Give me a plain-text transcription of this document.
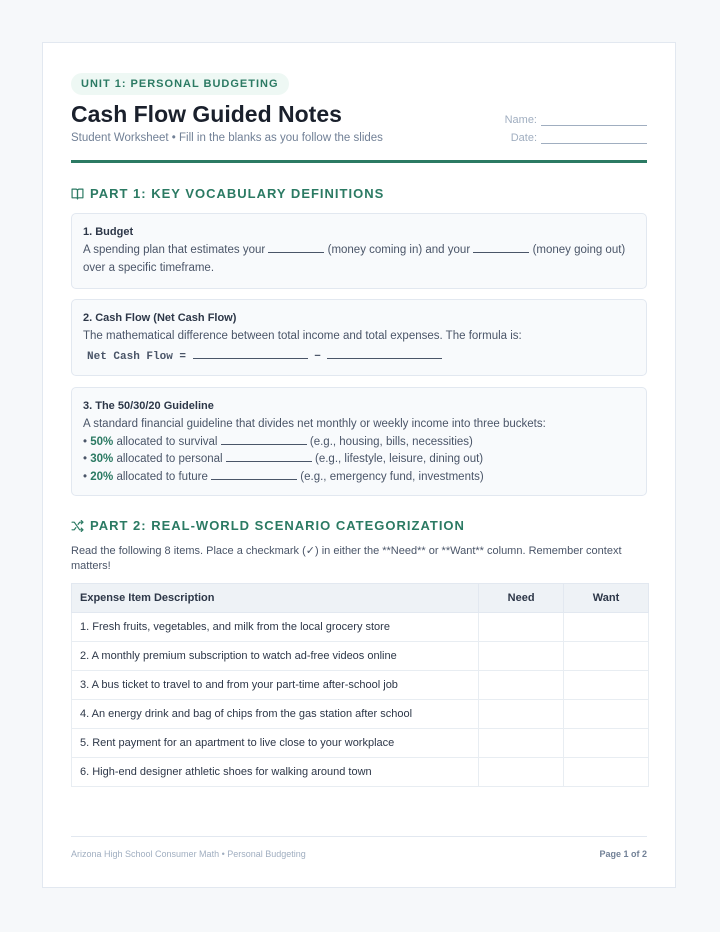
UNIT 1: PERSONAL BUDGETING
Cash Flow Guided Notes
Student Worksheet • Fill in the blanks as you follow the slides
Name:
Date:
PART 1: KEY VOCABULARY DEFINITIONS
1. Budget
A spending plan that estimates your	(money coming in) and your	(money going out) over a specific timeframe.
2. Cash Flow (Net Cash Flow)
The mathematical difference between total income and total expenses. The formula is:
Net Cash Flow =	−
3. The 50/30/20 Guideline
A standard financial guideline that divides net monthly or weekly income into three buckets:
• 50% allocated to survival	(e.g., housing, bills, necessities)
• 30% allocated to personal	(e.g., lifestyle, leisure, dining out)
• 20% allocated to future	(e.g., emergency fund, investments)
PART 2: REAL-WORLD SCENARIO CATEGORIZATION
Read the following 8 items. Place a checkmark (✓) in either the **Need** or **Want** column. Remember context matters!
Expense Item Description	Need	Want
1. Fresh fruits, vegetables, and milk from the local grocery store		
2. A monthly premium subscription to watch ad-free videos online		
3. A bus ticket to travel to and from your part-time after-school job		
4. An energy drink and bag of chips from the gas station after school		
5. Rent payment for an apartment to live close to your workplace		
6. High-end designer athletic shoes for walking around town		
Arizona High School Consumer Math • Personal Budgeting	Page 1 of 2
